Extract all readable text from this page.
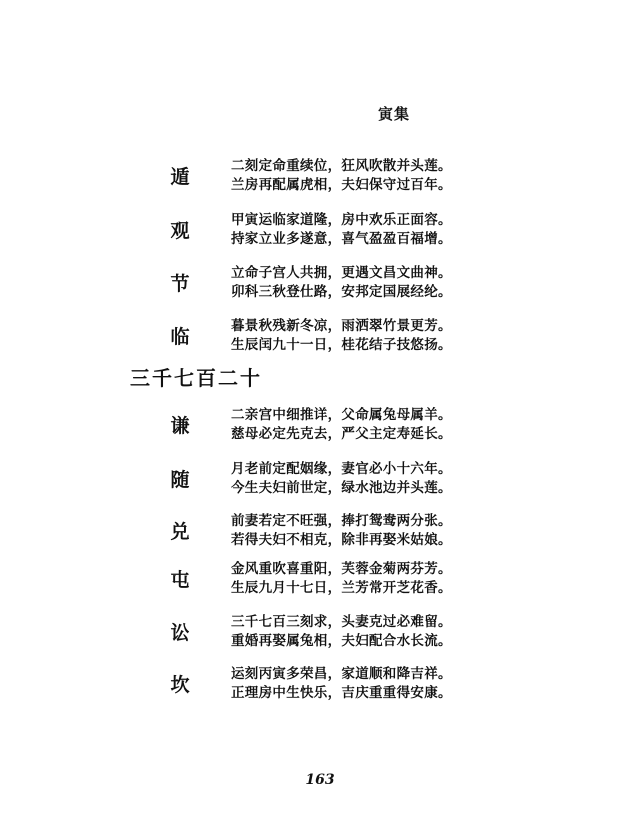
寅集
遁	二刻定命重续位，狂风吹散并头莲。
兰房再配属虎相，夫妇保守过百年。
观	甲寅运临家道隆，房中欢乐正面容。
持家立业多遂意，喜气盈盈百福增。
节	立命子宫人共拥，更遇文昌文曲神。
卯科三秋登仕路，安邦定国展经纶。
临	暮景秋残新冬凉，雨洒翠竹景更芳。
生辰闰九十一日，桂花结子技悠扬。
三千七百二十
谦	二亲宫中细推详，父命属兔母属羊。
慈母必定先克去，严父主定寿延长。
随	月老前定配姻缘，妻官必小十六年。
今生夫妇前世定，绿水池边并头莲。
兑	前妻若定不旺强，捧打鸳鸯两分张。
若得夫妇不相克，除非再娶米姑娘。
屯	金风重吹喜重阳，芙蓉金菊两芬芳。
生辰九月十七日，兰芳常开芝花香。
讼	三千七百三刻求，头妻克过必难留。
重婚再娶属兔相，夫妇配合水长流。
坎	运刻丙寅多荣昌，家道顺和降吉祥。
正理房中生快乐，吉庆重重得安康。
163
